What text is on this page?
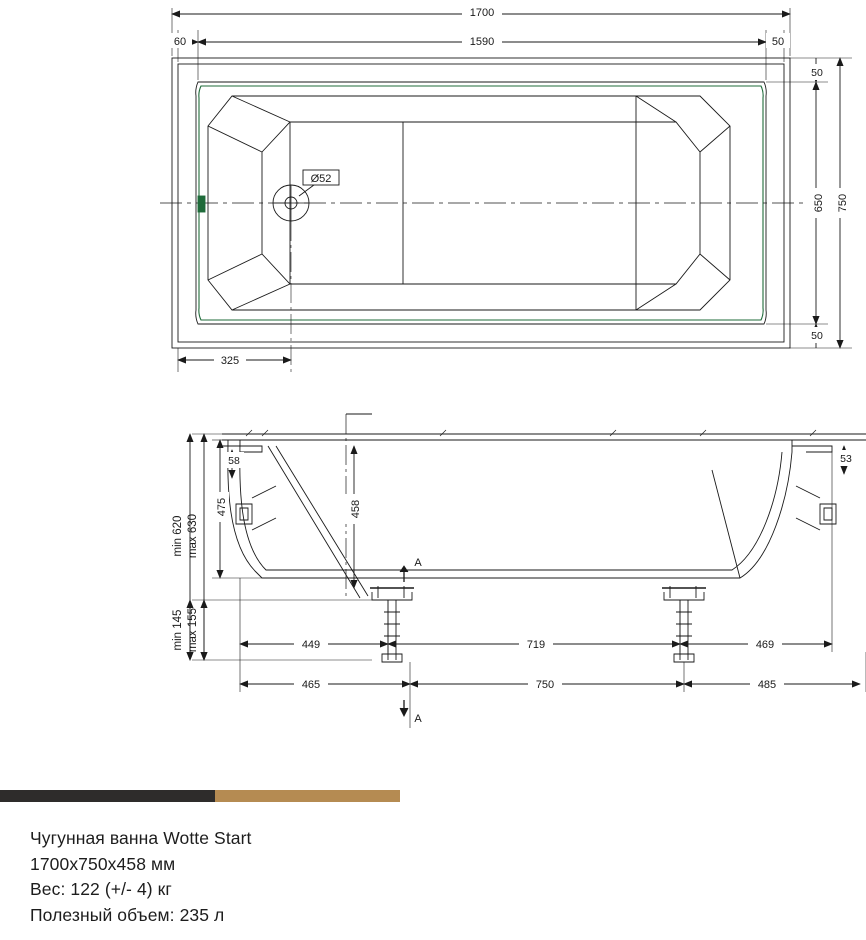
Ø52
1700
1590
60	50
750
650
50
50
325
min 620 max 630
475	458
58	53
min 145 max 155	449	719	469
465	750	485
A
A
Чугунная ванна Wotte Start
1700x750x458 мм
Вес: 122 (+/- 4) кг
Полезный объем: 235 л
